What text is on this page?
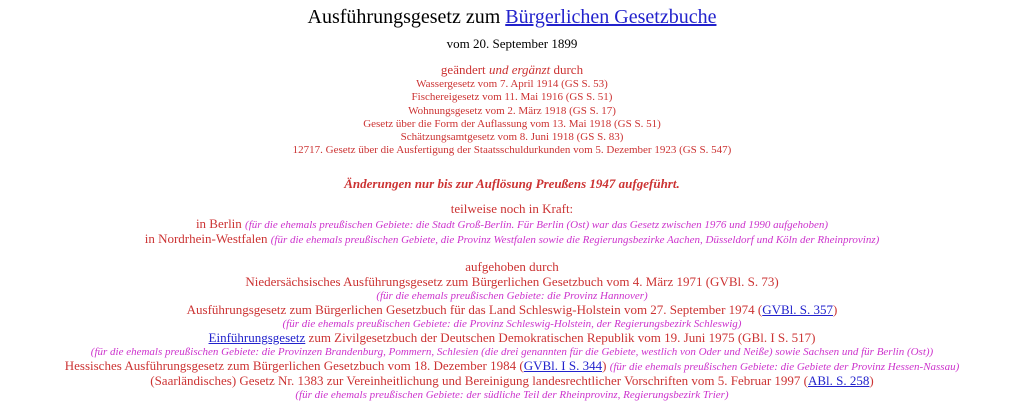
Ausführungsgesetz zum Bürgerlichen Gesetzbuche
vom 20. September 1899
geändert und ergänzt durch
Wassergesetz vom 7. April 1914 (GS S. 53)
Fischereigesetz vom 11. Mai 1916 (GS S. 51)
Wohnungsgesetz vom 2. März 1918 (GS S. 17)
Gesetz über die Form der Auflassung vom 13. Mai 1918 (GS S. 51)
Schätzungsamtgesetz vom 8. Juni 1918 (GS S. 83)
12717. Gesetz über die Ausfertigung der Staatsschuldurkunden vom 5. Dezember 1923 (GS S. 547)
Änderungen nur bis zur Auflösung Preußens 1947 aufgeführt.
teilweise noch in Kraft:
in Berlin (für die ehemals preußischen Gebiete: die Stadt Groß-Berlin. Für Berlin (Ost) war das Gesetz zwischen 1976 und 1990 aufgehoben)
in Nordrhein-Westfalen (für die ehemals preußischen Gebiete, die Provinz Westfalen sowie die Regierungsbezirke Aachen, Düsseldorf und Köln der Rheinprovinz)
aufgehoben durch
Niedersächsisches Ausführungsgesetz zum Bürgerlichen Gesetzbuch vom 4. März 1971 (GVBl. S. 73)
(für die ehemals preußischen Gebiete: die Provinz Hannover)
Ausführungsgesetz zum Bürgerlichen Gesetzbuch für das Land Schleswig-Holstein vom 27. September 1974 (GVBl. S. 357)
(für die ehemals preußischen Gebiete: die Provinz Schleswig-Holstein, der Regierungsbezirk Schleswig)
Einführungsgesetz zum Zivilgesetzbuch der Deutschen Demokratischen Republik vom 19. Juni 1975 (GBl. I S. 517)
(für die ehemals preußischen Gebiete: die Provinzen Brandenburg, Pommern, Schlesien (die drei genannten für die Gebiete, westlich von Oder und Neiße) sowie Sachsen und für Berlin (Ost))
Hessisches Ausführungsgesetz zum Bürgerlichen Gesetzbuch vom 18. Dezember 1984 (GVBl. I S. 344) (für die ehemals preußischen Gebiete: die Gebiete der Provinz Hessen-Nassau)
(Saarländisches) Gesetz Nr. 1383 zur Vereinheitlichung und Bereinigung landesrechtlicher Vorschriften vom 5. Februar 1997 (ABl. S. 258)
(für die ehemals preußischen Gebiete: der südliche Teil der Rheinprovinz, Regierungsbezirk Trier)
